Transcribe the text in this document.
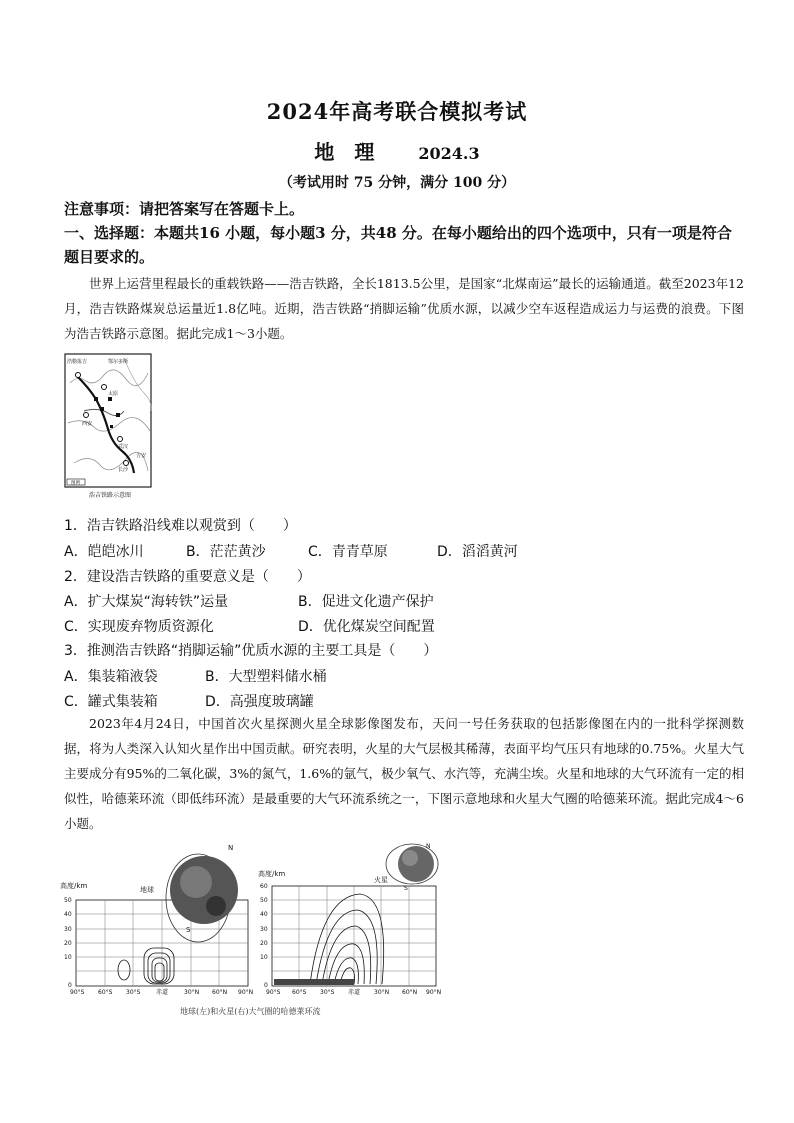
2024年高考联合模拟考试
地　理	2024.3
（考试用时 75 分钟，满分 100 分）
注意事项：请把答案写在答题卡上。
一、选择题：本题共16 小题，每小题3 分，共48 分。在每小题给出的四个选项中，只有一项是符合题目要求的。
世界上运营里程最长的重载铁路——浩吉铁路，全长1813.5公里，是国家“北煤南运”最长的运输通道。截至2023年12月，浩吉铁路煤炭总运量近1.8亿吨。近期，浩吉铁路“捎脚运输”优质水源，以减少空车返程造成运力与运费的浪费。下图为浩吉铁路示意图。据此完成1～3小题。
浩勒报吉	鄂尔多斯
太原
西安
武汉
吉安
长沙
图例
浩吉铁路示意图
1．浩吉铁路沿线难以观赏到（　　）
A．皑皑冰川	B．茫茫黄沙	C．青青草原	D．滔滔黄河
2．建设浩吉铁路的重要意义是（　　）
A．扩大煤炭“海转铁”运量	B．促进文化遗产保护
C．实现废弃物质资源化	D．优化煤炭空间配置
3．推测浩吉铁路“捎脚运输”优质水源的主要工具是（　　）
A．集装箱液袋	B．大型塑料储水桶
C．罐式集装箱	D．高强度玻璃罐
2023年4月24日，中国首次火星探测火星全球影像图发布，天问一号任务获取的包括影像图在内的一批科学探测数据，将为人类深入认知火星作出中国贡献。研究表明，火星的大气层极其稀薄，表面平均气压只有地球的0.75%。火星大气主要成分有95%的二氧化碳，3%的氮气，1.6%的氩气，极少氧气、水汽等，充满尘埃。火星和地球的大气环流有一定的相似性，哈德莱环流（即低纬环流）是最重要的大气环流系统之一，下图示意地球和火星大气圈的哈德莱环流。据此完成4～6小题。
高度/km	地球
50
40
30
20
10
0
90°S 60°S 30°S	赤道	30°N 60°N 90°N
N
S
高度/km
火星
60
50
40
30
20
10
0
90°S 60°S 30°S 赤道 30°N 60°N 90°N
N
S
地球(左)和火星(右)大气圈的哈德莱环流
